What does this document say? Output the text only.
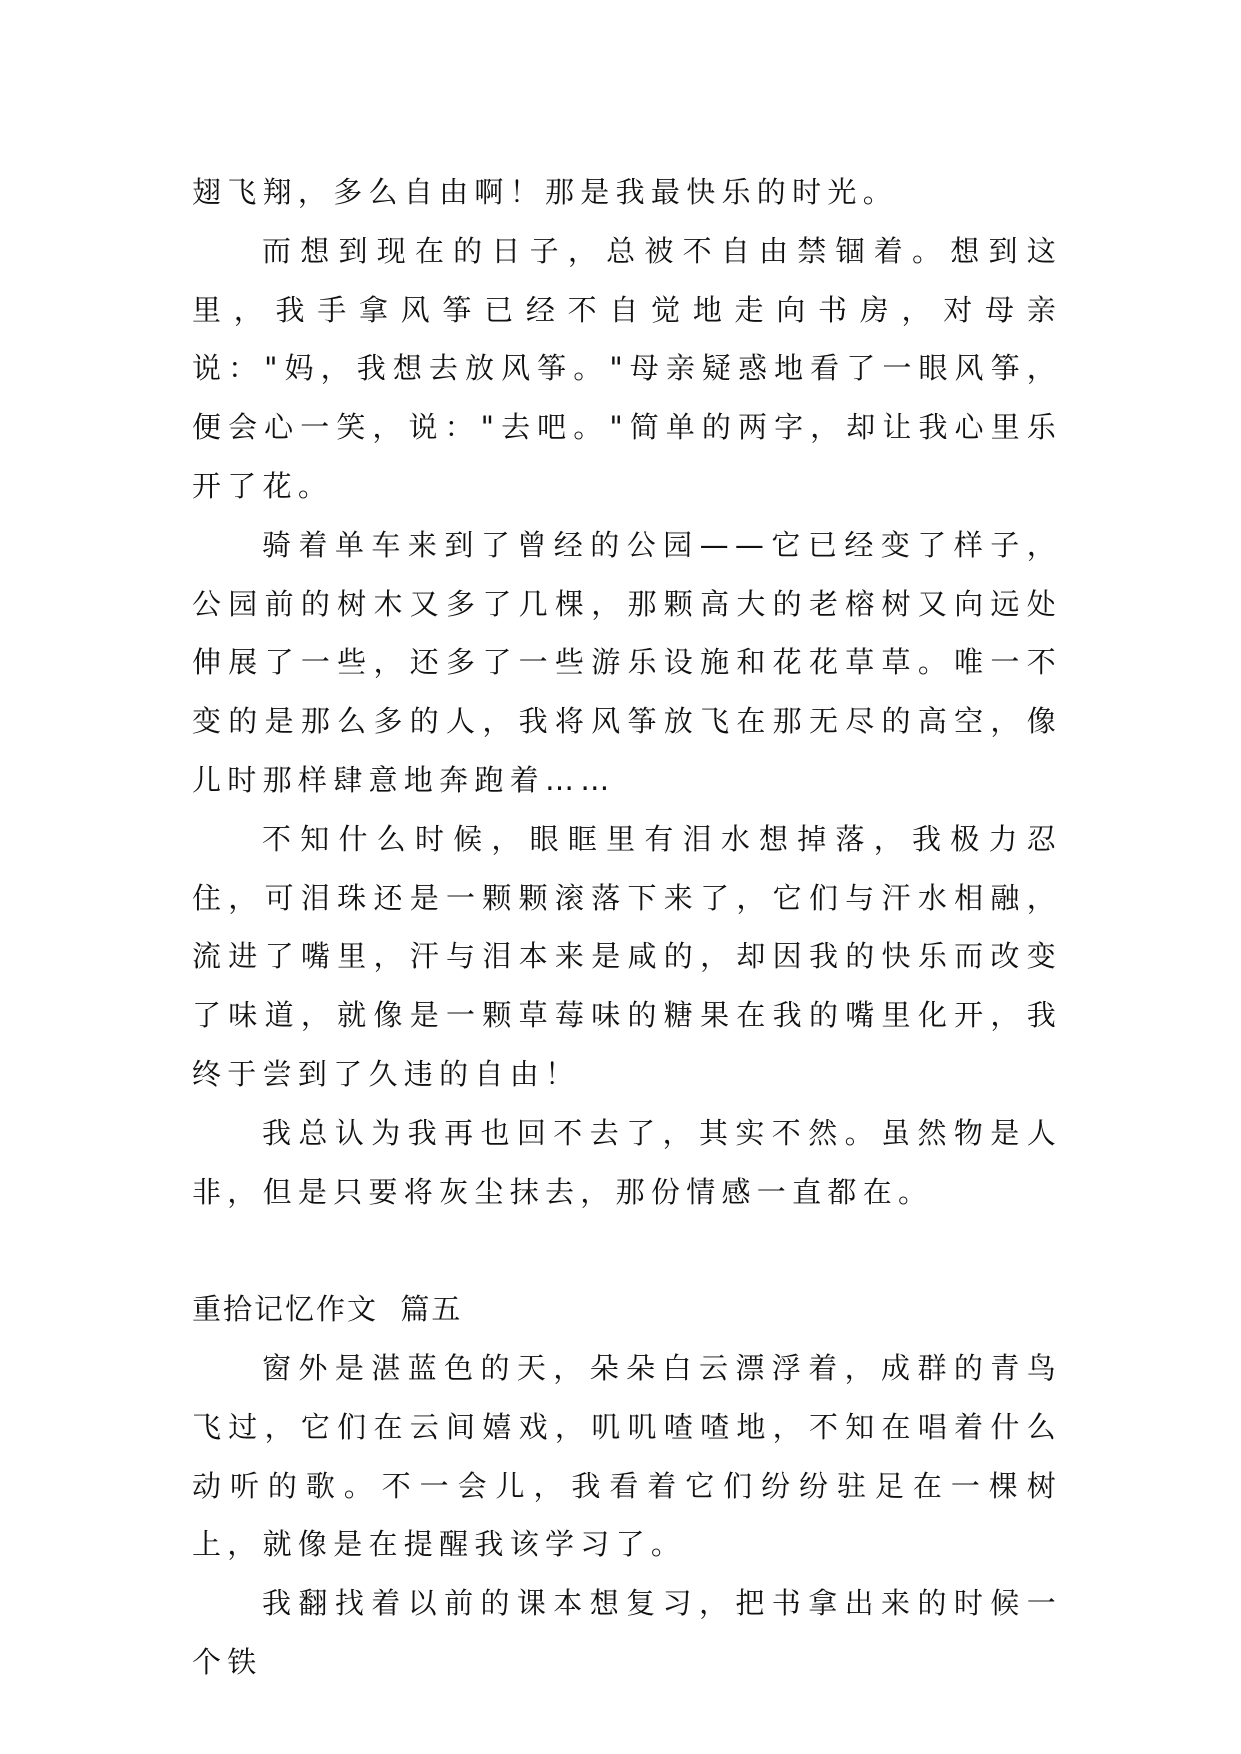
翅飞翔，多么自由啊！那是我最快乐的时光。

而想到现在的日子，总被不自由禁锢着。想到这里，我手拿风筝已经不自觉地走向书房，对母亲说："妈，我想去放风筝。"母亲疑惑地看了一眼风筝，便会心一笑，说："去吧。"简单的两字，却让我心里乐开了花。

骑着单车来到了曾经的公园——它已经变了样子，公园前的树木又多了几棵，那颗高大的老榕树又向远处伸展了一些，还多了一些游乐设施和花花草草。唯一不变的是那么多的人，我将风筝放飞在那无尽的高空，像儿时那样肆意地奔跑着……

不知什么时候，眼眶里有泪水想掉落，我极力忍住，可泪珠还是一颗颗滚落下来了，它们与汗水相融，流进了嘴里，汗与泪本来是咸的，却因我的快乐而改变了味道，就像是一颗草莓味的糖果在我的嘴里化开，我终于尝到了久违的自由！

我总认为我再也回不去了，其实不然。虽然物是人非，但是只要将灰尘抹去，那份情感一直都在。

重拾记忆作文  篇五

窗外是湛蓝色的天，朵朵白云漂浮着，成群的青鸟飞过，它们在云间嬉戏，叽叽喳喳地，不知在唱着什么动听的歌。不一会儿，我看着它们纷纷驻足在一棵树上，就像是在提醒我该学习了。

我翻找着以前的课本想复习，把书拿出来的时候一个铁
